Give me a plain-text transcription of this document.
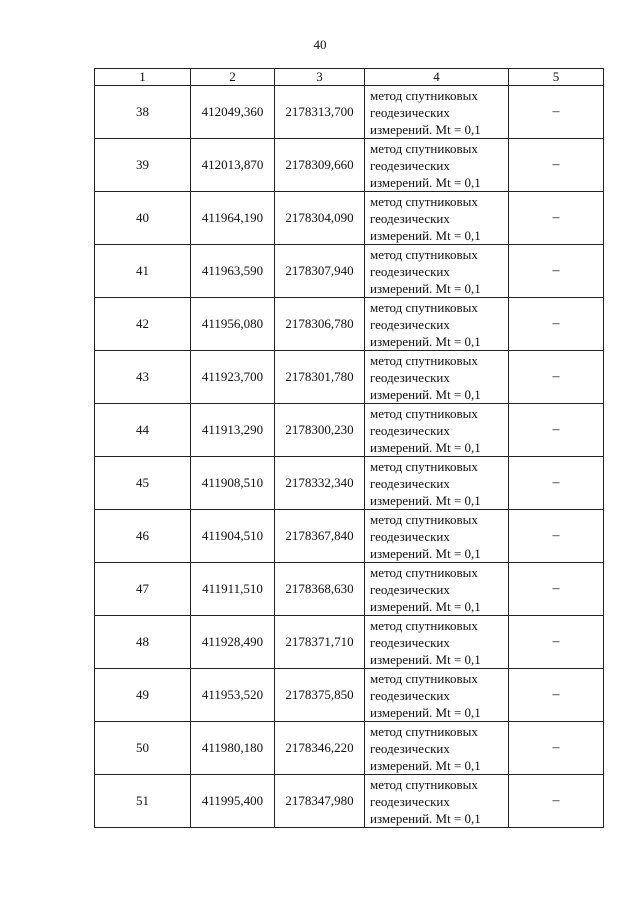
40
1	2	3	4	5
38	412049,360	2178313,700	метод спутниковых геодезических измерений. Mt = 0,1	–
39	412013,870	2178309,660	метод спутниковых геодезических измерений. Mt = 0,1	–
40	411964,190	2178304,090	метод спутниковых геодезических измерений. Mt = 0,1	–
41	411963,590	2178307,940	метод спутниковых геодезических измерений. Mt = 0,1	–
42	411956,080	2178306,780	метод спутниковых геодезических измерений. Mt = 0,1	–
43	411923,700	2178301,780	метод спутниковых геодезических измерений. Mt = 0,1	–
44	411913,290	2178300,230	метод спутниковых геодезических измерений. Mt = 0,1	–
45	411908,510	2178332,340	метод спутниковых геодезических измерений. Mt = 0,1	–
46	411904,510	2178367,840	метод спутниковых геодезических измерений. Mt = 0,1	–
47	411911,510	2178368,630	метод спутниковых геодезических измерений. Mt = 0,1	–
48	411928,490	2178371,710	метод спутниковых геодезических измерений. Mt = 0,1	–
49	411953,520	2178375,850	метод спутниковых геодезических измерений. Mt = 0,1	–
50	411980,180	2178346,220	метод спутниковых геодезических измерений. Mt = 0,1	–
51	411995,400	2178347,980	метод спутниковых геодезических измерений. Mt = 0,1	–
